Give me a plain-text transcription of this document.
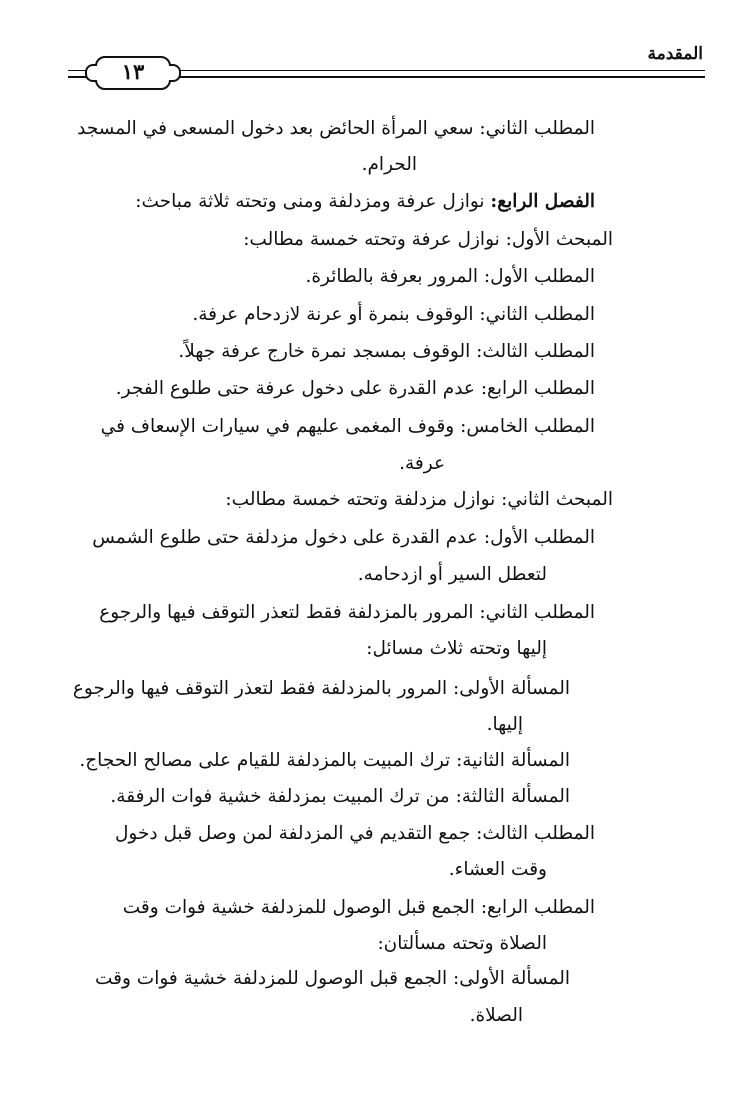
المقدمة
١٣
المطلب الثاني: سعي المرأة الحائض بعد دخول المسعى في المسجد
الحرام.
الفصل الرابع: نوازل عرفة ومزدلفة ومنى وتحته ثلاثة مباحث:
المبحث الأول: نوازل عرفة وتحته خمسة مطالب:
المطلب الأول: المرور بعرفة بالطائرة.
المطلب الثاني: الوقوف بنمرة أو عرنة لازدحام عرفة.
المطلب الثالث: الوقوف بمسجد نمرة خارج عرفة جهلاً.
المطلب الرابع: عدم القدرة على دخول عرفة حتى طلوع الفجر.
المطلب الخامس: وقوف المغمى عليهم في سيارات الإسعاف في
عرفة.
المبحث الثاني: نوازل مزدلفة وتحته خمسة مطالب:
المطلب الأول: عدم القدرة على دخول مزدلفة حتى طلوع الشمس
لتعطل السير أو ازدحامه.
المطلب الثاني: المرور بالمزدلفة فقط لتعذر التوقف فيها والرجوع
إليها وتحته ثلاث مسائل:
المسألة الأولى: المرور بالمزدلفة فقط لتعذر التوقف فيها والرجوع
إليها.
المسألة الثانية: ترك المبيت بالمزدلفة للقيام على مصالح الحجاج.
المسألة الثالثة: من ترك المبيت بمزدلفة خشية فوات الرفقة.
المطلب الثالث: جمع التقديم في المزدلفة لمن وصل قبل دخول
وقت العشاء.
المطلب الرابع: الجمع قبل الوصول للمزدلفة خشية فوات وقت
الصلاة وتحته مسألتان:
المسألة الأولى: الجمع قبل الوصول للمزدلفة خشية فوات وقت
الصلاة.
